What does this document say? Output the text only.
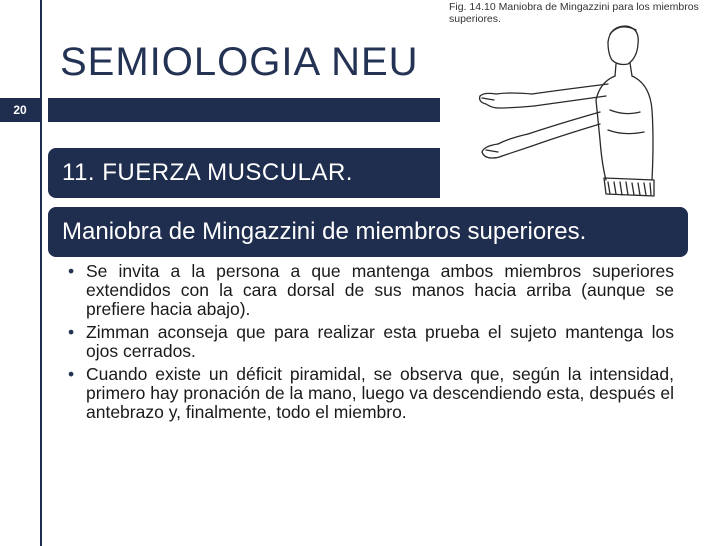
SEMIOLOGIA NEU
20
11. FUERZA MUSCULAR.
Maniobra de Mingazzini de miembros superiores.
• Se invita a la persona a que mantenga ambos miembros superiores extendidos con la cara dorsal de sus manos hacia arriba (aunque se prefiere hacia abajo).
• Zimman aconseja que para realizar esta prueba el sujeto mantenga los ojos cerrados.
• Cuando existe un déficit piramidal, se observa que, según la intensidad, primero hay pronación de la mano, luego va descendiendo esta, después el antebrazo y, finalmente, todo el miembro.

Fig. 14.10 Maniobra de Mingazzini para los miembros superiores.
